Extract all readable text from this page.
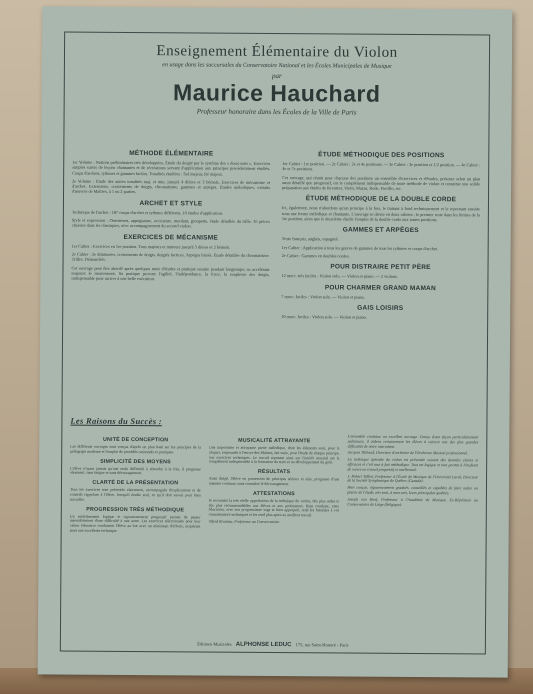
Enseignement Élémentaire du Violon
en usage dans les succursales du Conservatoire National et les Écoles Municipales de Musique
par
Maurice Hauchard
Professeur honoraire dans les Écoles de la Ville de Paris
MÉTHODE ÉLÉMENTAIRE

1er Volume : Notions préliminaires très développées. Étude du doigté par le système des « doux-sons ». Exercices simples suivis de leçons chantantes et de récréations servant d'application aux principes précédemment étudiés. Coups d'archets, rythmes et gammes faciles. Tonalités étudiées : Sol majeur, Ré majeur.

2e Volume : Étude des autres tonalités maj. et min. jusqu'à 4 dièses et 3 bémols. Exercices de mécanisme et d'archet. Extensions, croisements de doigts, chromatisme, gammes et arpèges. Études mélodiques, extraits d'œuvres de Maîtres, à 1 ou 2 parties.

ARCHET ET STYLE

Technique de l'archet : 187 coups d'archet et rythmes différents, 10 études d'application.

Style et expression : Ornements, appogiature, accicature, mordant, groupetto, étude détaillée du trille. 35 pièces choisies dans les classiques, avec accompagnement du second violon.

EXERCICES DE MÉCANISME

1er Cahier : Exercices en 1re position. Tons majeurs et mineurs jusqu'à 3 dièses et 2 bémols.

2e Cahier : 2e diminuées, croisements de doigts, doigtés factices. Arpèges brisés. Étude détaillée du chromatisme. Trilles. Démanchés.

Cet ouvrage peut être abordé après quelques mois d'études et pratiqué ensuite pendant longtemps; en accélérant toujours le mouvement. Sa pratique procure l'agilité, l'indépendance, la force, la souplesse des doigts, indispensable pour arriver à une belle exécution.

ÉTUDE MÉTHODIQUE DES POSITIONS

1er Cahier : 1re position. — 2e Cahier : 2e et 4e positions. — 3e Cahier : 3e position et 1/2 position. — 4e Cahier : 4e et 7e positions.

Cet ouvrage, qui réunit pour chacune des positions un ensemble d'exercices et d'études, présente selon un plan aussi détaillé que progressif, est le complément indispensable de toute méthode de violon et constitue une solide préparation aux études de Kreutzer, Viotti, Mazas, Rode, Fiorillo, etc.

ÉTUDE MÉTHODIQUE DE LA DOUBLE CORDE

Ici, également, nous n'abordons qu'un principe à la fois, le traitant à fond techniquement et le reprenant ensuite sous une forme mélodique et chantante. L'ouvrage se divise en deux cahiers : le premier reste dans les limites de la 1re position, alors que le deuxième étudie l'emploi de la double corde aux autres positions.

GAMMES ET ARPÈGES

Texte français, anglais, espagnol.

1er Cahier : Application à tous les genres de gammes de tous les rythmes et coups d'archet.

2e Cahier : Gammes en doubles cordes.

POUR DISTRAIRE PETIT PÈRE

12 morc. très faciles : Violon solo. — Violon et piano. — 2 violons.

POUR CHARMER GRAND MAMAN

7 morc. faciles : Violon solo. — Violon et piano.

GAIS LOISIRS

10 morc. faciles : Violon solo. — Violon et piano.

Les Raisons du Succès :
UNITÉ DE CONCEPTION

Les différents ouvrages sont conçus d'après un plan basé sur les principes de la pédagogie moderne et l'emploi de procédés rationnels et pratiques.

SIMPLICITÉ DES MOYENS

L'élève n'ayant jamais qu'une seule difficulté à résoudre à la fois, il progresse sûrement, sans fatigue et sans découragement.

CLARTÉ DE LA PRÉSENTATION

Tous les exercices sont présentés clairement, accompagnés d'explications et de conseils rappelant à l'élève, lorsqu'il étudie seul, ce qu'il doit savoir pour bien travailler.

PROGRESSION TRÈS MÉTHODIQUE

Un enchaînement logique et rigoureusement progressif permet de passer insensiblement d'une difficulté à une autre. Les exercices sélectionnés pour leur valeur éducative conduisent l'élève au but avec un minimum d'efforts, acquérant ainsi une excellente technique.

MUSICALITÉ ATTRAYANTE

Une importante et attrayante partie mélodique, dont les éléments sont, pour la plupart, empruntés à l'œuvre des Maîtres, fait suite, pour l'étude de chaque principe, aux exercices techniques. Le travail reposant ainsi sur l'intérêt musical est le complément indispensable à la formation du style et au développement du goût.

RÉSULTATS

Ainsi dirigé, l'élève en possession de principes sérieux et sûrs, progresse d'une manière continue, sans connaître le découragement.

ATTESTATIONS

Je reconnais la très réelle approbation de la technique du violon, des plus utiles et des plus recommandables aux élèves et aux professeurs. Bien conduite, cette éducation, avec son progressisme sage et bien approprié, rend les bienfaits à vos connaissances techniques et les rend plus aptes au meilleur travail.

Alfred Bruneau, Professeur au Conservatoire.

L'ensemble constitue un excellent ouvrage. Conçu d'une façon particulièrement judicieuse, il aidera certainement les élèves à vaincre une des plus grandes difficultés de notre instrument.

Jacques Thibaud, Directeur d'orchestre de l'Orchestre Musical professionnel.

La technique spéciale du violon est présentée suivant des données claires et efficaces et c'est tout à fait méthodique. Tout est logique et tout permet à l'étudiant de suivre un travail progressif et intellectuel.

J. Robert Talbot, Professeur à l'École de Musique de l'Université Laval, Directeur de la Société Symphonique de Québec (Canada).

Bien conçus, rigoureusement gradués, conseillés et capables de faire naître un plaisir de l'étude, tels sont, à mon avis, leurs principales qualités.

Joseph van Hoof, Professeur à l'Académie de Musique, Ex-Répétiteur au Conservatoire de Liège (Belgique).

Éditions Musicales ALPHONSE LEDUC 175, rue Saint-Honoré - Paris
